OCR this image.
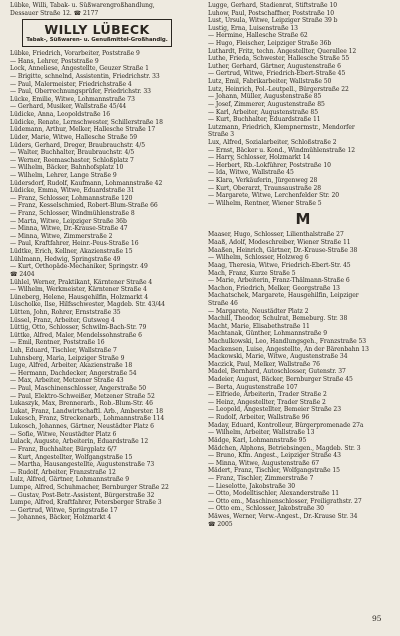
Lübke, Willi, Tabak- u. Süßwarengroßhandlung,
Dessauer Straße 12. ☎ 2177
WILLY LÜBECK
Tabak-, Süßwaren- u. Genußmittel-Großhandlg.
Lübke, Friedrich, Vorarbeiter, Poststraße 9
— Hans, Lehrer, Poststraße 9
Lock, Anneliese, Angestellte, Geuzer Straße 1
— Brigitte, schnelnd, Assistentin, Friedrichstr. 33
— Paul, Malermeister, Friedrichstraße 4
— Paul, Oberrechnungsprüfer, Friedrichstr. 33
Lücke, Emilie, Witwe, Lohmannstraße 73
— Gerhard, Musiker, Wallstraße 45/44
Lüdicke, Anna, Leopoldstraße 16
Lüdicke, Renate, Lernschwester, Schillerstraße 18
Lüdemann, Arthur, Melker, Hallesche Straße 17
Lüder, Marie, Witwe, Hallesche Straße 59
Lüders, Gerhard, Dreger, Braubrauchstr. 4/5
— Walter, Buchhalter, Braubrauchstr. 4/5
— Werner, Reemaschaster, Schloßplatz 7
— Wilhelm, Bäcker, Bahnhofsplatz 10
— Wilhelm, Lehrer, Lange Straße 9
Lüdersdorf, Rudolf, Kaufmann, Lohmannstraße 42
Lüdicke, Emma, Witwe, Eduardstraße 31
— Franz, Schlosser, Lohmannstraße 120
— Franz, Kesselschmied, Robert-Blum-Straße 66
— Franz, Schlosser, Windmühlenstraße 8
— Marta, Witwe, Leipziger Straße 36b
— Minna, Witwe, Dr.-Krause-Straße 47
— Minna, Witwe, Zimmerstraße 2
— Paul, Kraftfahrer, Heinr.-Peus-Straße 16
Lüdtke, Erich, Kellner, Akazienstraße 15
Lühlmann, Hedwig, Springstraße 49
— Kurt, Orthopäde-Mechaniker, Springstr. 49
☎ 2404
Lühlel, Werner, Praktikant, Kärntener Straße 4
— Wilhelm, Werkmeister, Kärntener Straße 4
Lüneberg, Helene, Hausgehilfin, Holzmarkt 4
Lüscholke, Ilse, Hilfsschwester, Magdeb. Str. 43/44
Lütten, John, Rohrer, Ernststraße 35
Lüssel, Franz, Arbeiter, Gutsweg 4
Lüttig, Otto, Schlosser, Schwilm-Bach-Str. 79
Lüttke, Alfred, Maler, Mendelssohnstraße 6
— Emil, Rentner, Poststraße 16
Luh, Eduard, Tischler, Wallstraße 7
Luhnsberg, Maria, Leipziger Straße 9
Luge, Alfred, Arbeiter, Akazienstraße 18
— Hermann, Dachdecker, Angerstraße 54
— Max, Arbeiter, Metzener Straße 43
— Paul, Maschinenschlosser, Angerstraße 50
— Paul, Elektro-Schweißer, Metzener Straße 52
Lukaszyk, Max, Brennerarb., Rob.-Blum-Str. 46
Lukat, Franz, Landwirtschaftl. Arb., Amberster. 18
Lukesch, Franz, Streckenarb., Lohmannstraße 114
Lukosch, Johannes, Gärtner, Neustädter Platz 6
— Sofie, Witwe, Neustädter Platz 6
Lulack, Auguste, Arbeiterin, Eduardstraße 12
— Franz, Buchhalter, Bürgplatz 6/7
— Kurt, Angestellter, Wolfgangstraße 15
— Martha, Hausangestellte, Augustenstraße 73
— Rudolf, Arbeiter, Franzstraße 12
Lulz, Alfred, Gärtner, Lohmannstraße 9
Lumpe, Alfred, Schuhmacher, Bernburger Straße 22
— Gustav, Post-Betr.-Assistent, Bürgerstraße 32
Lumpe, Alfred, Kraftfahrer, Petersberger Straße 3
— Gertrud, Witwe, Springstraße 17
— Johannes, Bäcker, Holzmarkt 4
Lugge, Gerhard, Stadienrat, Stiftstraße 10
Luhow, Paul, Postschaffner, Poststraße 10
Lust, Ursula, Witwe, Leipziger Straße 39 b
Lustig, Erna, Luisenstraße 13
— Hermine, Hallesche Straße 62
— Hugo, Fleischer, Leipziger Straße 36b
Luthardt, Fritz, techn. Angestellter, Querallee 12
Luthe, Frieda, Schwester, Hallesche Straße 55
Luther, Gerhard, Gärtner, Augustenstraße 6
— Gertrud, Witwe, Friedrich-Ebert-Straße 45
Lutz, Emil, Fabrikarbeiter, Wallstraße 50
Lutz, Heinrich, Pol.-Leutpell., Bürgerstraße 22
— Johann, Müller, Augustenstraße 85
— Josef, Zimmerer, Augustenstraße 85
— Karl, Arbeiter, Augustenstraße 85
— Kurt, Buchhalter, Eduardstraße 11
Lutzmann, Friedrich, Klempnermstr., Mendorfer
Straße 3
Lux, Alfred, Sozialarbeiter, Schloßstraße 2
— Ernst, Bäcker u. Kond., Windmühlenstraße 12
— Harry, Schlosser, Holzmarkt 14
— Herbert, Rb.-Lokführer, Poststraße 10
— Ida, Witwe, Wallstraße 45
— Klara, Verkäuferin, Jürgenweg 28
— Kurt, Oberarzt, Traunsaustraße 28
— Margarete, Witwe, Lerchenfelder Str. 20
— Wilhelm, Rentner, Wiener Straße 5
M
Maaser, Hugo, Schlosser, Lilienthalstraße 27
Maaß, Adolf, Modeschreiber, Wiener Straße 11
Maaßen, Heinrich, Gärtner, Dr.-Krause-Straße 38
— Wilhelm, Schlosser, Holzweg 6
Maag, Theresia, Witwe, Friedrich-Ebert-Str. 45
Mach, Franz, Kurze Straße 5
— Marie, Arbeiterin, Franz-Thälmann-Straße 6
Machon, Friedrich, Melker, Georgstraße 13
Machatschek, Margarete, Hausgehilfin, Leipziger
Straße 46
— Margarete, Neustädter Platz 2
Machill, Theodor, Schulrat, Bemeburg. Str. 38
Macht, Marie, Elisabethstraße 11
Machtanak, Günther, Lohmannstraße 9
Machulkowski, Leo, Handlungsgeh., Franzstraße 53
Mackensen, Luise, Angestellte, An der Bärenbahn 13
Mackowski, Marie, Witwe, Augustenstraße 34
Maczick, Paul, Melker, Wallstraße 76
Madel, Bernhard, Autoschlosser, Gutenstr. 37
Madeier, August, Bäcker, Bernburger Straße 45
— Berta, Augustenstraße 107
— Elfriede, Arbeiterin, Trader Straße 2
— Heinz, Angestellter, Trader Straße 2
— Leopold, Angestellter, Bemeier Straße 23
— Rudolf, Arbeiter, Wallstraße 96
Maday, Eduard, Kontrolleur, Bürgerpromenade 27a
— Wilhelm, Arbeiter, Wallstraße 13
Mädge, Karl, Lohmannstraße 95
Mädchen, Alphons, Betriebsingen., Magdeb. Str. 3
— Bruno, Kfm. Angest., Leipziger Straße 43
— Minna, Witwe, Augustenstraße 67
Mädert, Franz, Tischler, Wolfgangstraße 15
— Franz, Tischler, Zimmerstraße 7
— Lieselotte, Jakobstraße 30
— Otto, Modelltischler, Alexanderstraße 11
— Otto em., Maschinenschlosser, Freiligrathstr. 27
— Otto em., Schlosser, Jakobstraße 30
Mäwes, Werner, Verw.-Angest., Dr.-Krause Str. 34
☎ 2005
95
